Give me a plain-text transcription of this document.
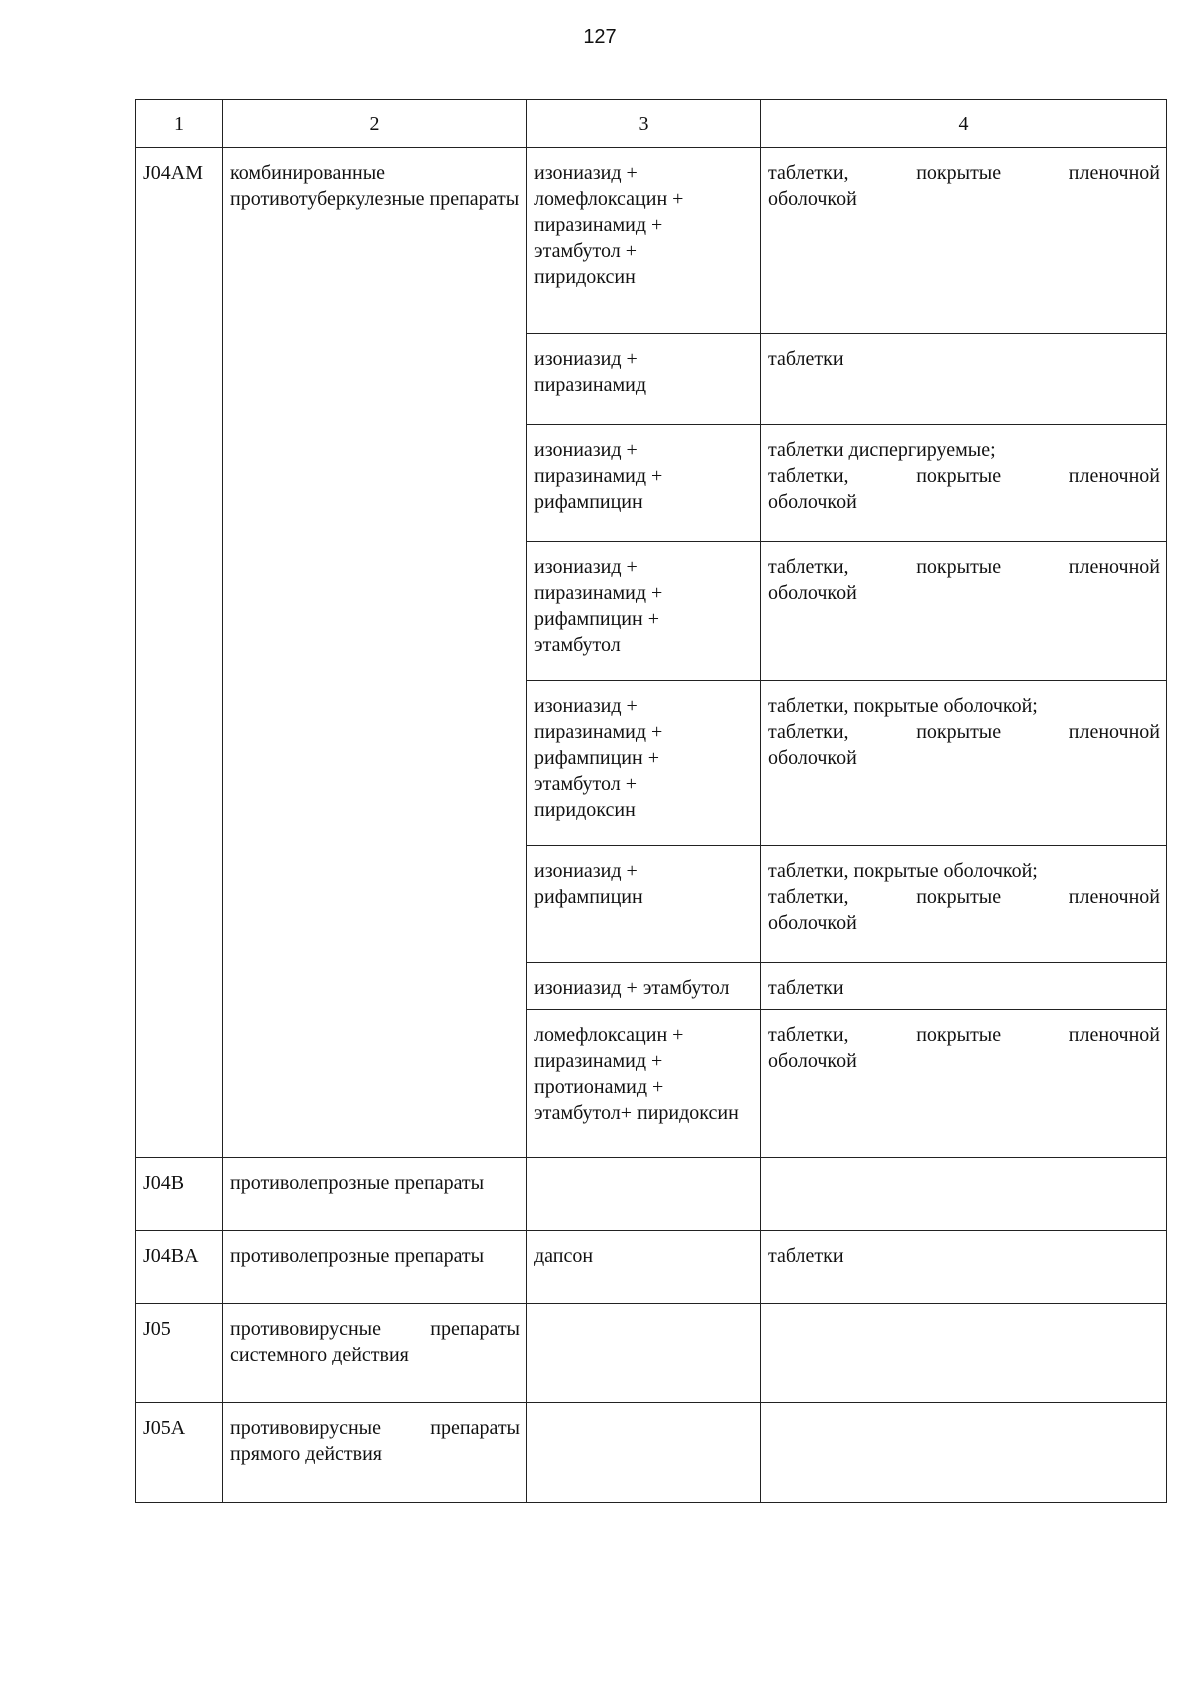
127
1	2	3	4
J04AM	комбинированные противотуберкулезные препараты	изониазид +
ломефлоксацин +
пиразинамид +
этамбутол +
пиридоксин	таблетки, покрытые пленочной
оболочкой

		изониазид +
пиразинамид	таблетки

		изониазид +
пиразинамид +
рифампицин	таблетки диспергируемые;
таблетки, покрытые пленочной
оболочкой

		изониазид +
пиразинамид +
рифампицин +
этамбутол	таблетки, покрытые пленочной
оболочкой

		изониазид +
пиразинамид +
рифампицин +
этамбутол +
пиридоксин	таблетки, покрытые оболочкой;
таблетки, покрытые пленочной
оболочкой

		изониазид +
рифампицин	таблетки, покрытые оболочкой;
таблетки, покрытые пленочной
оболочкой

		изониазид + этамбутол	таблетки

		ломефлоксацин +
пиразинамид +
протионамид +
этамбутол+ пиридоксин	таблетки, покрытые пленочной
оболочкой

J04B	противолепрозные препараты		
J04BA	противолепрозные препараты	дапсон	таблетки
J05	противовирусные препараты системного действия		
J05A	противовирусные препараты прямого действия		
